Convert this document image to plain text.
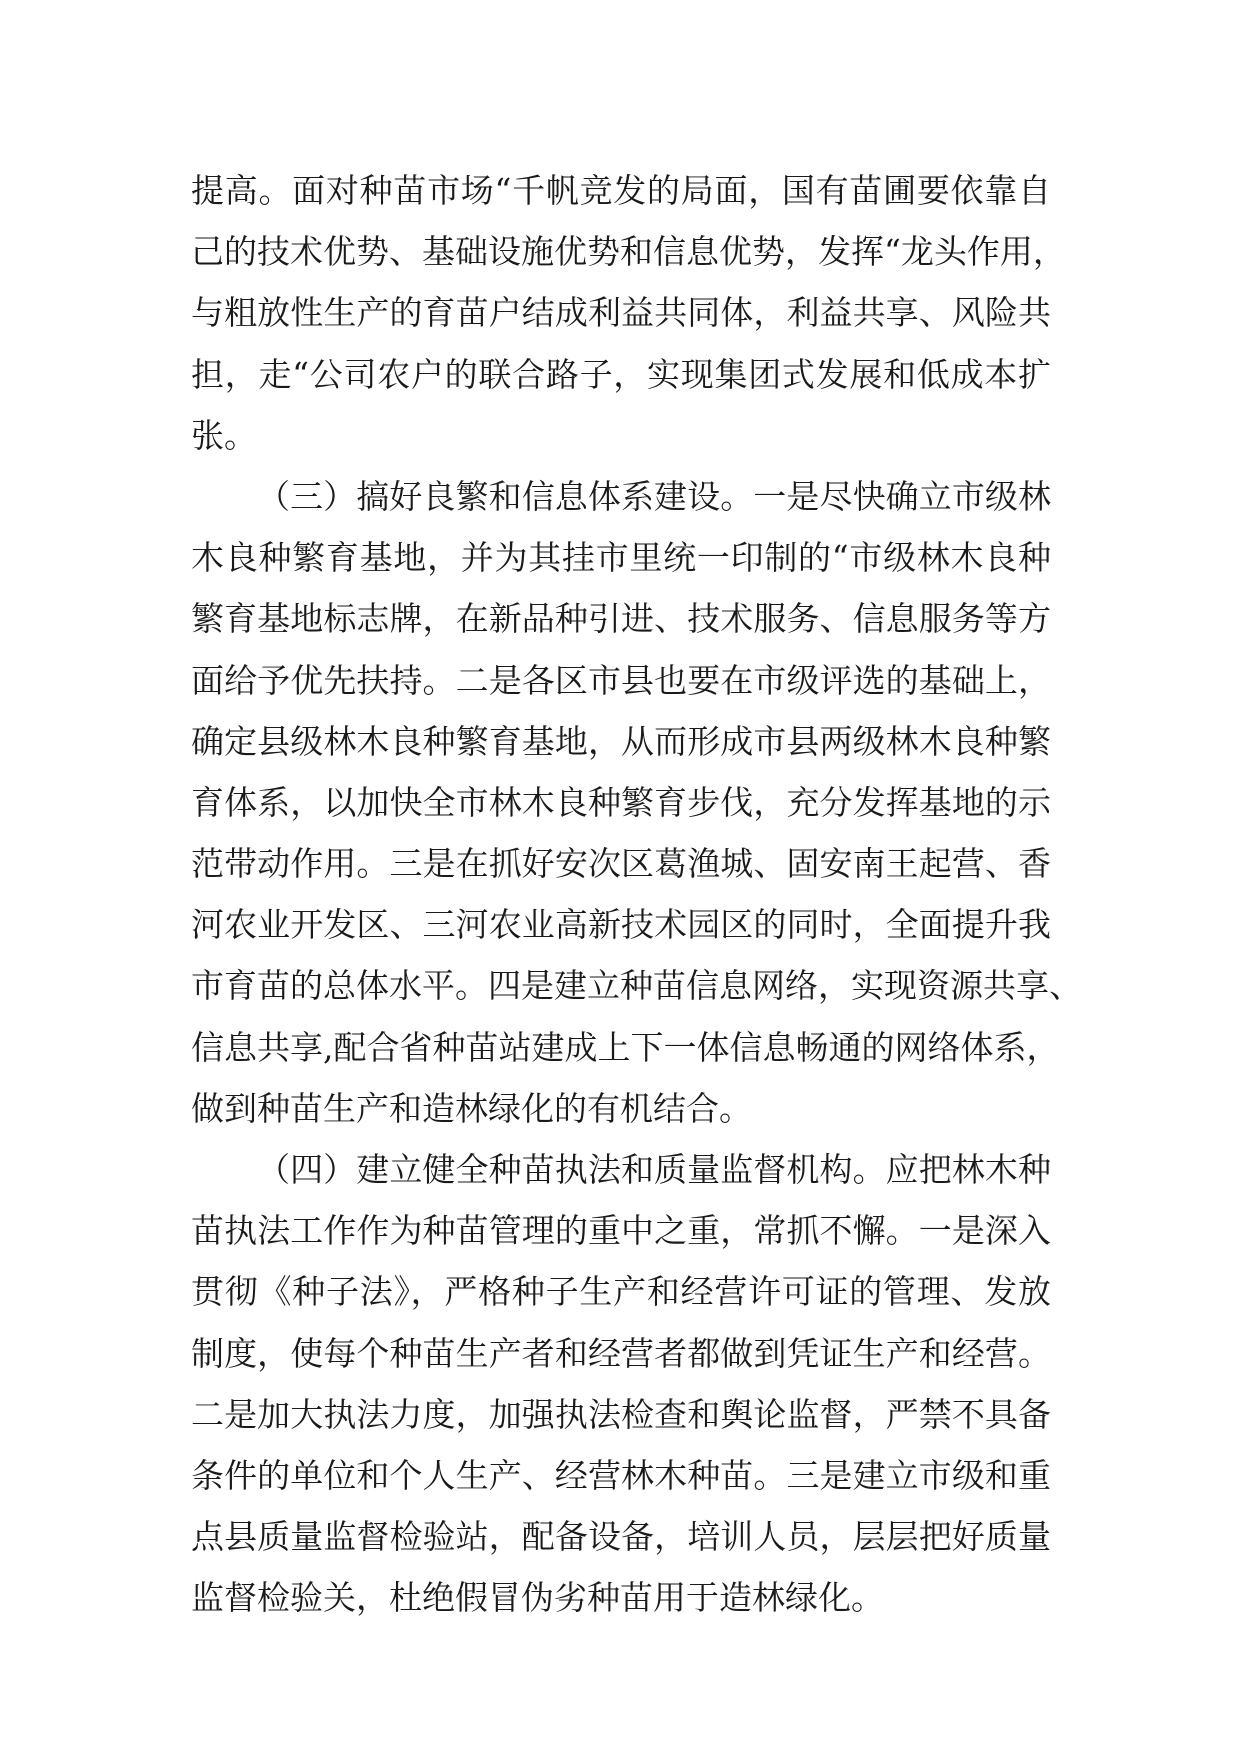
提高。面对种苗市场“千帆竞发的局面，国有苗圃要依靠自
己的技术优势、基础设施优势和信息优势，发挥“龙头作用，
与粗放性生产的育苗户结成利益共同体，利益共享、风险共
担，走“公司农户的联合路子，实现集团式发展和低成本扩
张。
（三）搞好良繁和信息体系建设。一是尽快确立市级林
木良种繁育基地，并为其挂市里统一印制的“市级林木良种
繁育基地标志牌，在新品种引进、技术服务、信息服务等方
面给予优先扶持。二是各区市县也要在市级评选的基础上，
确定县级林木良种繁育基地，从而形成市县两级林木良种繁
育体系，以加快全市林木良种繁育步伐，充分发挥基地的示
范带动作用。三是在抓好安次区葛渔城、固安南王起营、香
河农业开发区、三河农业高新技术园区的同时，全面提升我
市育苗的总体水平。四是建立种苗信息网络，实现资源共享、
信息共享,配合省种苗站建成上下一体信息畅通的网络体系，
做到种苗生产和造林绿化的有机结合。
（四）建立健全种苗执法和质量监督机构。应把林木种
苗执法工作作为种苗管理的重中之重，常抓不懈。一是深入
贯彻《种子法》，严格种子生产和经营许可证的管理、发放
制度，使每个种苗生产者和经营者都做到凭证生产和经营。
二是加大执法力度，加强执法检查和舆论监督，严禁不具备
条件的单位和个人生产、经营林木种苗。三是建立市级和重
点县质量监督检验站，配备设备，培训人员，层层把好质量
监督检验关，杜绝假冒伪劣种苗用于造林绿化。
